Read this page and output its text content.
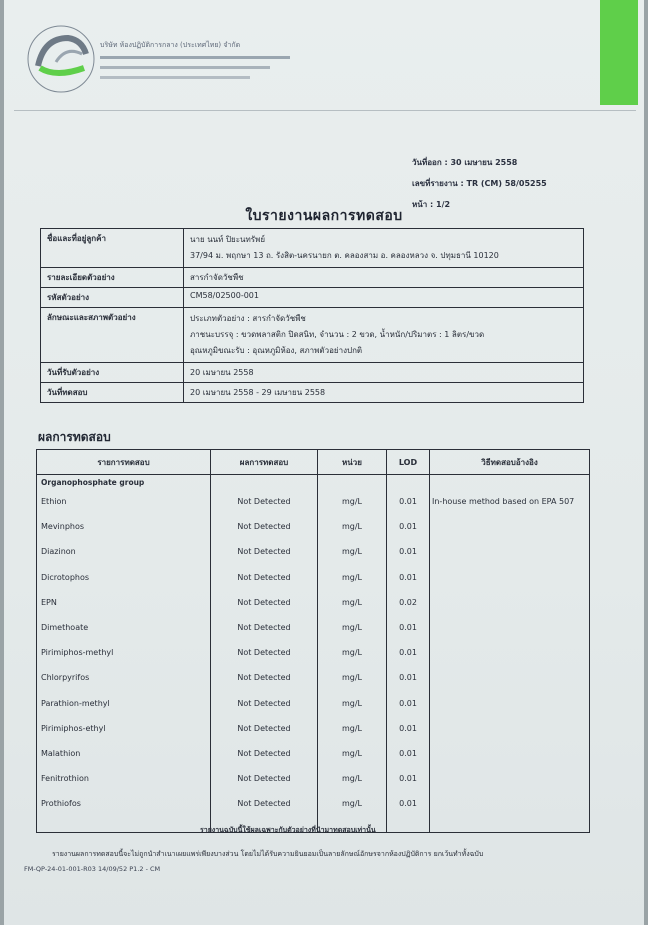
บริษัท ห้องปฏิบัติการกลาง (ประเทศไทย) จำกัด

วันที่ออก : 30 เมษายน 2558
เลขที่รายงาน : TR (CM) 58/05255
หน้า : 1/2
ใบรายงานผลการทดสอบ
ชื่อและที่อยู่ลูกค้า	นาย นนท์ ปิยะนทรัพย์
37/94 ม. พฤกษา 13 ถ. รังสิต-นครนายก ต. คลองสาม อ. คลองหลวง จ. ปทุมธานี 10120

รายละเอียดตัวอย่าง	สารกำจัดวัชพืช
รหัสตัวอย่าง	CM58/02500-001
ลักษณะและสภาพตัวอย่าง	ประเภทตัวอย่าง : สารกำจัดวัชพืช
ภาชนะบรรจุ : ขวดพลาสติก ปิดสนิท, จำนวน : 2 ขวด, น้ำหนัก/ปริมาตร : 1 ลิตร/ขวด
อุณหภูมิขณะรับ : อุณหภูมิห้อง, สภาพตัวอย่างปกติ

วันที่รับตัวอย่าง	20 เมษายน 2558
วันที่ทดสอบ	20 เมษายน 2558 - 29 เมษายน 2558
ผลการทดสอบ
รายการทดสอบ	ผลการทดสอบ	หน่วย	LOD	วิธีทดสอบอ้างอิง
Organophosphate group				
Ethion	Not Detected	mg/L	0.01	In-house method based on EPA 507
Mevinphos	Not Detected	mg/L	0.01	
Diazinon	Not Detected	mg/L	0.01	
Dicrotophos	Not Detected	mg/L	0.01	
EPN	Not Detected	mg/L	0.02	
Dimethoate	Not Detected	mg/L	0.01	
Pirimiphos-methyl	Not Detected	mg/L	0.01	
Chlorpyrifos	Not Detected	mg/L	0.01	
Parathion-methyl	Not Detected	mg/L	0.01	
Pirimiphos-ethyl	Not Detected	mg/L	0.01	
Malathion	Not Detected	mg/L	0.01	
Fenitrothion	Not Detected	mg/L	0.01	
Prothiofos	Not Detected	mg/L	0.01	

รายงานฉบับนี้ใช้ผลเฉพาะกับตัวอย่างที่นำมาทดสอบเท่านั้น
รายงานผลการทดสอบนี้จะไม่ถูกนำสำเนาเผยแพร่เพียงบางส่วน โดยไม่ได้รับความยินยอมเป็นลายลักษณ์อักษรจากห้องปฏิบัติการ ยกเว้นทำทั้งฉบับ
FM-QP-24-01-001-R03 14/09/52 P1.2 - CM
